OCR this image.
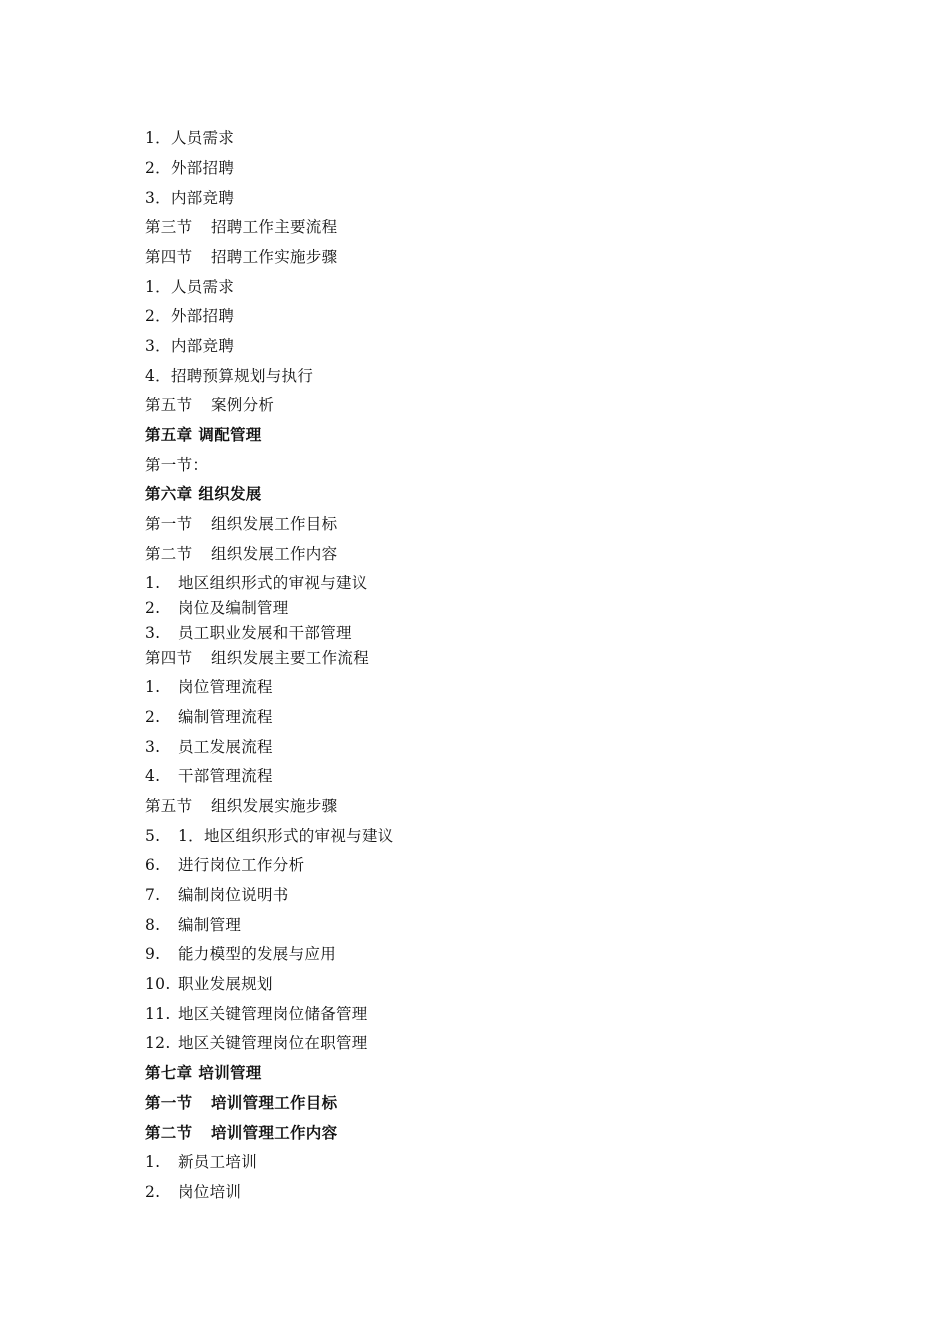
1．人员需求
2．外部招聘
3．内部竞聘
第三节 招聘工作主要流程
第四节 招聘工作实施步骤
1．人员需求
2．外部招聘
3．内部竞聘
4．招聘预算规划与执行
第五节 案例分析
第五章 调配管理
第一节：
第六章 组织发展
第一节 组织发展工作目标
第二节 组织发展工作内容
1. 地区组织形式的审视与建议
2. 岗位及编制管理
3. 员工职业发展和干部管理
第四节 组织发展主要工作流程
1. 岗位管理流程
2. 编制管理流程
3. 员工发展流程
4. 干部管理流程
第五节 组织发展实施步骤
5. 1．地区组织形式的审视与建议
6. 进行岗位工作分析
7. 编制岗位说明书
8. 编制管理
9. 能力模型的发展与应用
10. 职业发展规划
11. 地区关键管理岗位储备管理
12. 地区关键管理岗位在职管理
第七章 培训管理
第一节 培训管理工作目标
第二节 培训管理工作内容
1. 新员工培训
2. 岗位培训
